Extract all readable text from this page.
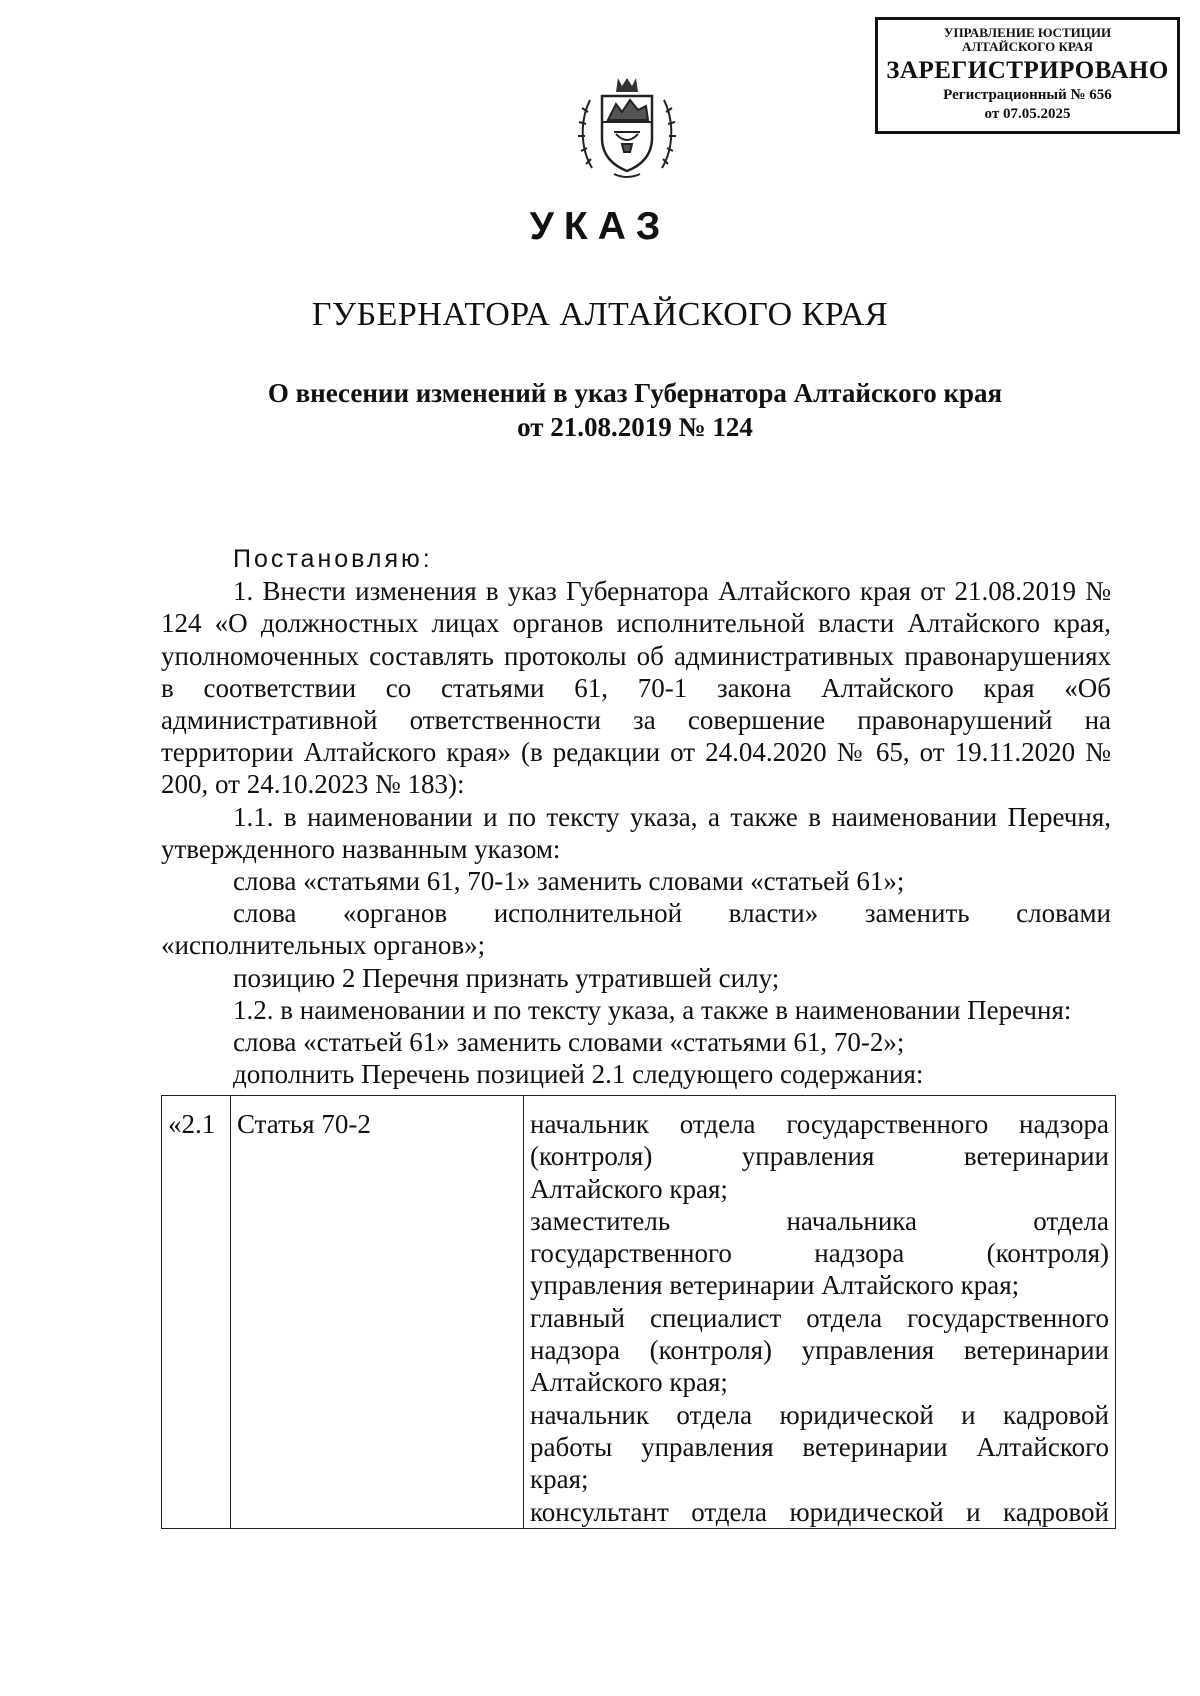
УПРАВЛЕНИЕ ЮСТИЦИИ
АЛТАЙСКОГО КРАЯ
ЗАРЕГИСТРИРОВАНО
Регистрационный № 656
от 07.05.2025
УКАЗ
ГУБЕРНАТОРА АЛТАЙСКОГО КРАЯ
О внесении изменений в указ Губернатора Алтайского края
от 21.08.2019 № 124

Постановляю:

1. Внести изменения в указ Губернатора Алтайского края от 21.08.2019 № 124 «О должностных лицах органов исполнительной власти Алтайского края, уполномоченных составлять протоколы об административных правонарушениях в соответствии со статьями 61, 70-1 закона Алтайского края «Об административной ответственности за совершение правонарушений на территории Алтайского края» (в редакции от 24.04.2020 № 65, от 19.11.2020 № 200, от 24.10.2023 № 183):

1.1. в наименовании и по тексту указа, а также в наименовании Перечня, утвержденного названным указом:

слова «статьями 61, 70-1» заменить словами «статьей 61»;

слова «органов исполнительной власти» заменить словами «исполнительных органов»;

позицию 2 Перечня признать утратившей силу;

1.2. в наименовании и по тексту указа, а также в наименовании Перечня:

слова «статьей 61» заменить словами «статьями 61, 70-2»;

дополнить Перечень позицией 2.1 следующего содержания:

«2.1	Статья 70-2	начальник отдела государственного надзора
(контроля) управления ветеринарии
Алтайского края;
заместитель начальника отдела
государственного надзора (контроля)
управления ветеринарии Алтайского края;
главный специалист отдела государственного
надзора (контроля) управления ветеринарии
Алтайского края;
начальник отдела юридической и кадровой
работы управления ветеринарии Алтайского
края;
консультант отдела юридической и кадровой
